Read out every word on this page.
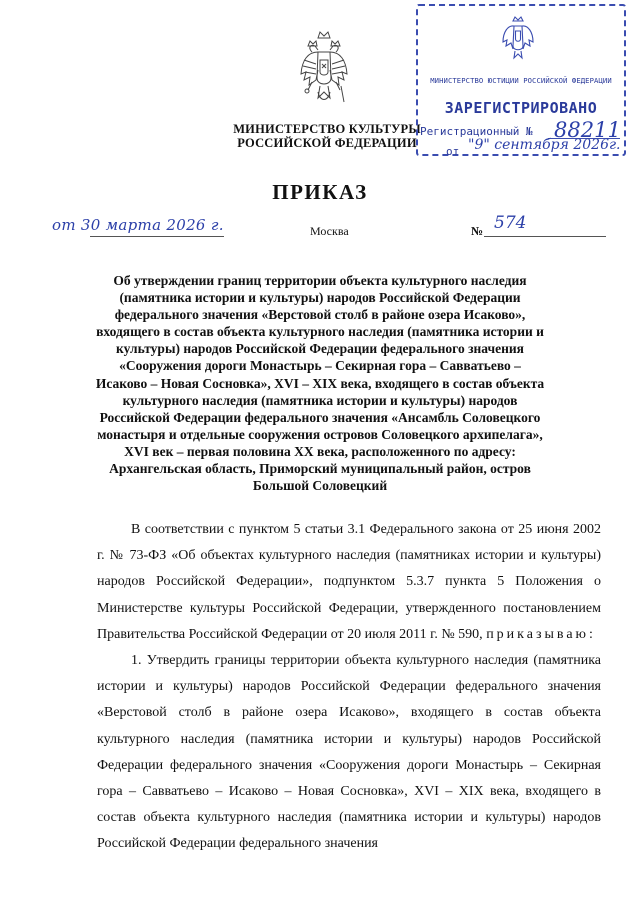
МИНИСТЕРСТВО КУЛЬТУРЫ
РОССИЙСКОЙ ФЕДЕРАЦИИ
МИНИСТЕРСТВО ЮСТИЦИИ РОССИЙСКОЙ ФЕДЕРАЦИИ
ЗАРЕГИСТРИРОВАНО
Регистрационный № 88211
от "9" сентября 2026г.
ПРИКАЗ
от 30 марта 2026 г.	Москва	№ 574
Об утверждении границ территории объекта культурного наследия (памятника истории и культуры) народов Российской Федерации федерального значения «Верстовой столб в районе озера Исаково», входящего в состав объекта культурного наследия (памятника истории и культуры) народов Российской Федерации федерального значения «Сооружения дороги Монастырь – Секирная гора – Савватьево – Исаково – Новая Сосновка», XVI – XIX века, входящего в состав объекта культурного наследия (памятника истории и культуры) народов Российской Федерации федерального значения «Ансамбль Соловецкого монастыря и отдельные сооружения островов Соловецкого архипелага», XVI век – первая половина XX века, расположенного по адресу: Архангельская область, Приморский муниципальный район, остров Большой Соловецкий

В соответствии с пунктом 5 статьи 3.1 Федерального закона от 25 июня 2002 г. № 73-ФЗ «Об объектах культурного наследия (памятниках истории и культуры) народов Российской Федерации», подпунктом 5.3.7 пункта 5 Положения о Министерстве культуры Российской Федерации, утвержденного постановлением Правительства Российской Федерации от 20 июля 2011 г. № 590, приказываю:

1. Утвердить границы территории объекта культурного наследия (памятника истории и культуры) народов Российской Федерации федерального значения «Верстовой столб в районе озера Исаково», входящего в состав объекта культурного наследия (памятника истории и культуры) народов Российской Федерации федерального значения «Сооружения дороги Монастырь – Секирная гора – Савватьево – Исаково – Новая Сосновка», XVI – XIX века, входящего в состав объекта культурного наследия (памятника истории и культуры) народов Российской Федерации федерального значения
